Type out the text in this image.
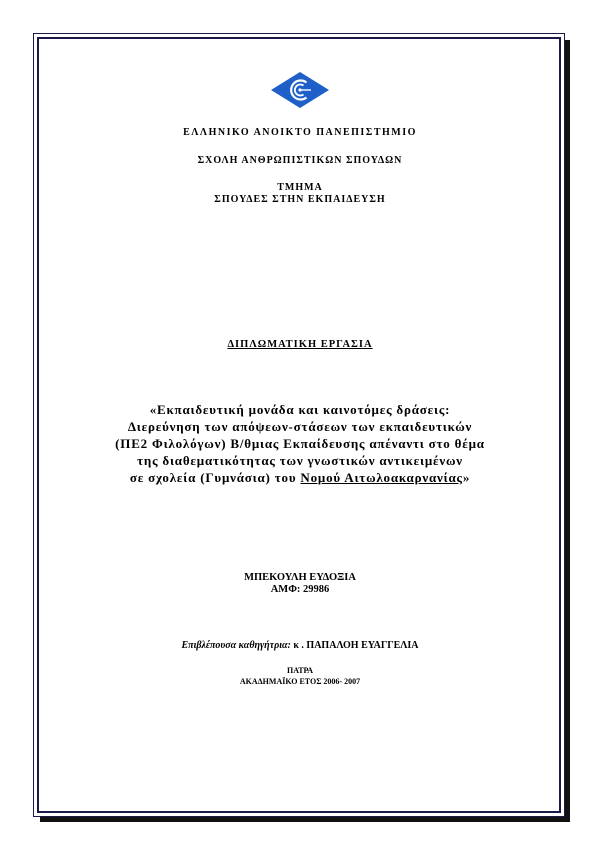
ΕΛΛΗΝΙΚΟ ΑΝΟΙΚΤΟ ΠΑΝΕΠΙΣΤΗΜΙΟ
ΣΧΟΛΗ ΑΝΘΡΩΠΙΣΤΙΚΩΝ ΣΠΟΥΔΩΝ
ΤΜΗΜΑ
ΣΠΟΥΔΕΣ ΣΤΗΝ ΕΚΠΑΙΔΕΥΣΗ
ΔΙΠΛΩΜΑΤΙΚΗ ΕΡΓΑΣΙΑ
«Εκπαιδευτική μονάδα και καινοτόμες δράσεις:
Διερεύνηση των απόψεων-στάσεων των εκπαιδευτικών
(ΠΕ2 Φιλολόγων) Β/θμιας Εκπαίδευσης απέναντι στο θέμα
της διαθεματικότητας των γνωστικών αντικειμένων
σε σχολεία (Γυμνάσια) του Νομού Αιτωλοακαρνανίας»
ΜΠΕΚΟΥΛΗ ΕΥΔΟΞΙΑ
ΑΜΦ: 29986
Επιβλέπουσα καθηγήτρια: κ . ΠΑΠΑΛΟΗ ΕΥΑΓΓΕΛΙΑ
ΠΑΤΡΑ
ΑΚΑΔΗΜΑΪΚΟ ΕΤΟΣ 2006- 2007
